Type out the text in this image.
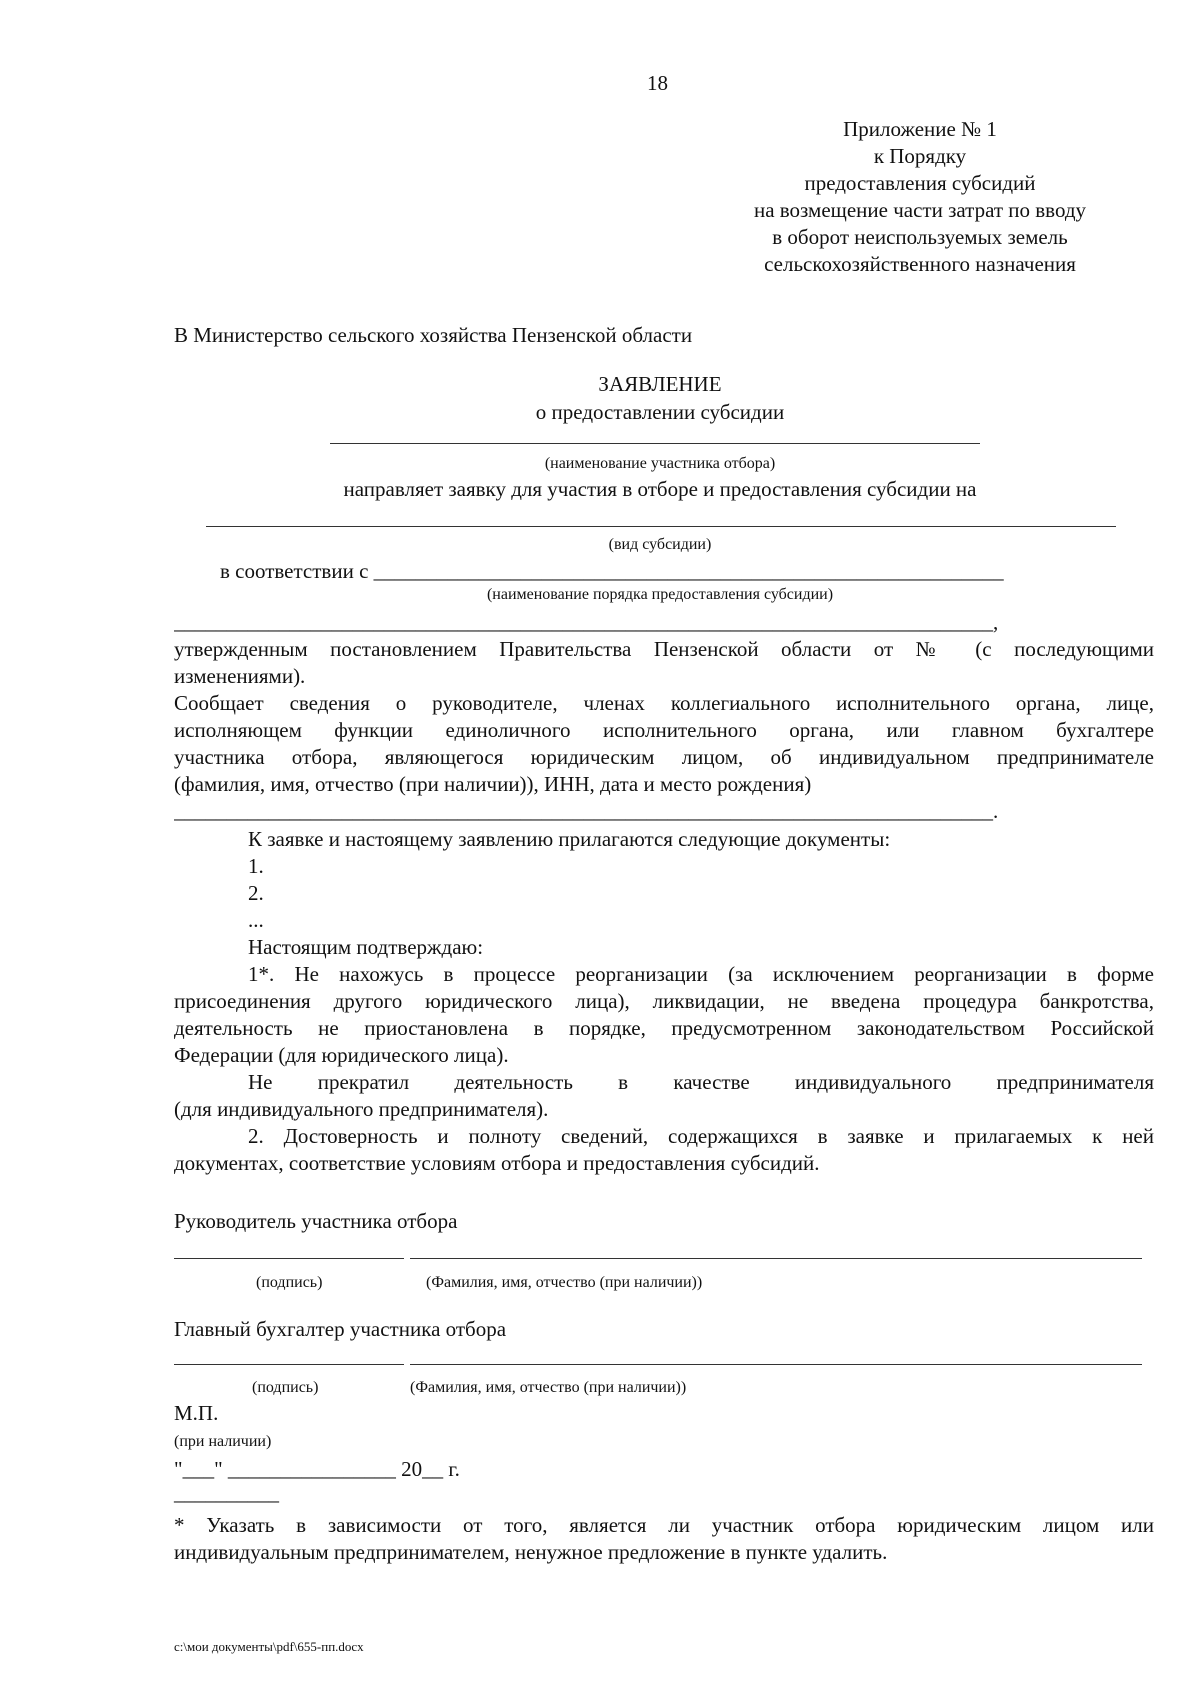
18
Приложение № 1
к Порядку
предоставления субсидий
на возмещение части затрат по вводу
в оборот неиспользуемых земель
сельскохозяйственного назначения
В Министерство сельского хозяйства Пензенской области
ЗАЯВЛЕНИЕ
о предоставлении субсидии
(наименование участника отбора)
направляет заявку для участия в отборе и предоставления субсидии на
(вид субсидии)
в соответствии с ____________________________________________________________
(наименование порядка предоставления субсидии)
______________________________________________________________________________,
утвержденным постановлением Правительства Пензенской области от № (с последующими
изменениями).
Сообщает сведения о руководителе, членах коллегиального исполнительного органа, лице,
исполняющем функции единоличного исполнительного органа, или главном бухгалтере
участника отбора, являющегося юридическим лицом, об индивидуальном предпринимателе
(фамилия, имя, отчество (при наличии)), ИНН, дата и место рождения)
______________________________________________________________________________.
К заявке и настоящему заявлению прилагаются следующие документы:
1.
2.
...
Настоящим подтверждаю:
1*. Не нахожусь в процессе реорганизации (за исключением реорганизации в форме
присоединения другого юридического лица), ликвидации, не введена процедура банкротства,
деятельность не приостановлена в порядке, предусмотренном законодательством Российской
Федерации (для юридического лица).
Не прекратил деятельность в качестве индивидуального предпринимателя
(для индивидуального предпринимателя).
2. Достоверность и полноту сведений, содержащихся в заявке и прилагаемых к ней
документах, соответствие условиям отбора и предоставления субсидий.
Руководитель участника отбора
(подпись)	(Фамилия, имя, отчество (при наличии))
Главный бухгалтер участника отбора
(подпись)	(Фамилия, имя, отчество (при наличии))
М.П.
(при наличии)
"___" ________________ 20__ г.
__________
* Указать в зависимости от того, является ли участник отбора юридическим лицом или
индивидуальным предпринимателем, ненужное предложение в пункте удалить.
c:\мои документы\pdf\655-пп.docx
